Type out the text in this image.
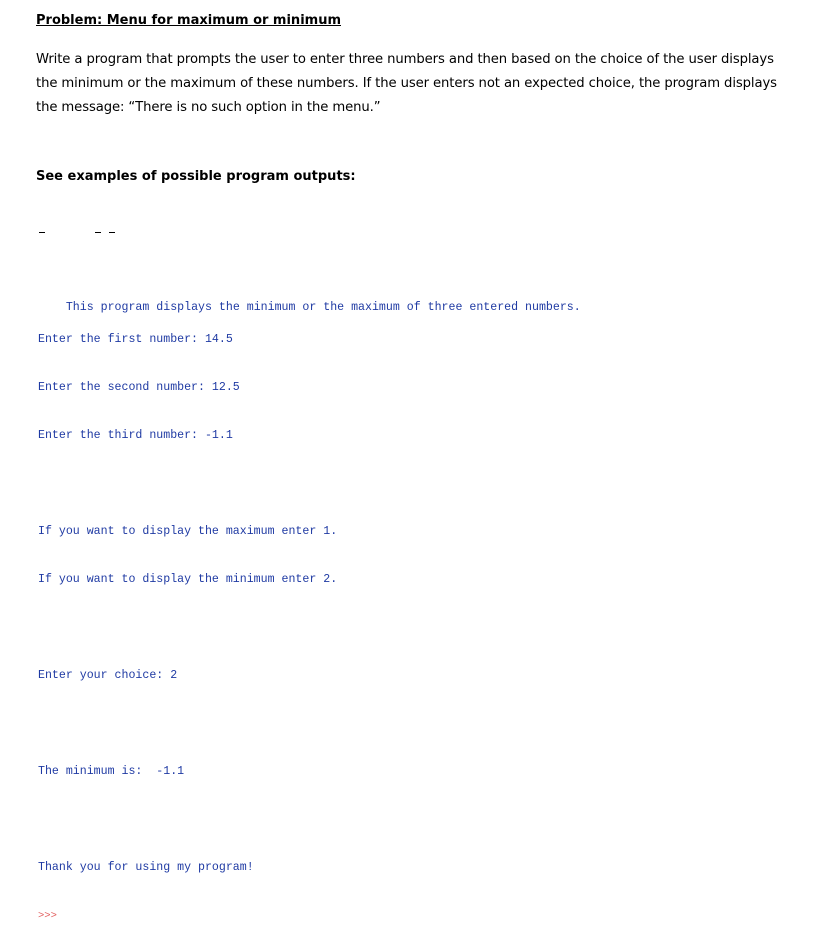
Problem: Menu for maximum or minimum
Write a program that prompts the user to enter three numbers and then based on the choice of the user displays the minimum or the maximum of these numbers. If the user enters not an expected choice, the program displays the message: “There is no such option in the menu.”
See examples of possible program outputs:

This program displays the minimum or the maximum of three entered numbers.

Enter the first number: 14.5

Enter the second number: 12.5

Enter the third number: -1.1

If you want to display the maximum enter 1.

If you want to display the minimum enter 2.

Enter your choice: 2

The minimum is:  -1.1

Thank you for using my program!

>>>
